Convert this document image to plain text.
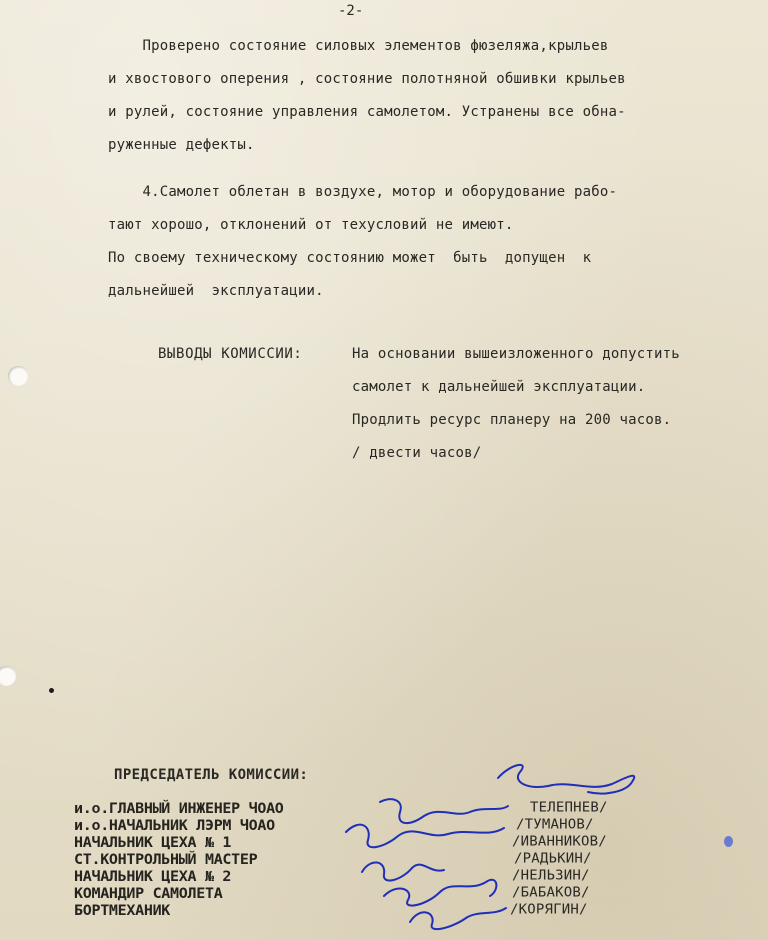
-2-
Проверено состояние силовых элементов фюзеляжа,крыльев
и хвостового оперения , состояние полотняной обшивки крыльев
и рулей, состояние управления самолетом. Устранены все обна-
руженные дефекты.
4.Самолет облетан в воздухе, мотор и оборудование рабо-
тают хорошо, отклонений от техусловий не имеют.
По своему техническому состоянию может  быть  допущен  к
дальнейшей  эксплуатации.
ВЫВОДЫ КОМИССИИ:	На основании вышеизложенного допустить
самолет к дальнейшей эксплуатации.
Продлить ресурс планеру на 200 часов.
/ двести часов/
ПРЕДСЕДАТЕЛЬ КОМИССИИ:
и.о.ГЛАВНЫЙ ИНЖЕНЕР ЧОАО
и.о.НАЧАЛЬНИК ЛЭРМ ЧОАО
НАЧАЛЬНИК ЦЕХА № 1
СТ.КОНТРОЛЬНЫЙ МАСТЕР
НАЧАЛЬНИК ЦЕХА № 2
КОМАНДИР САМОЛЕТА
БОРТМЕХАНИК
ТЕЛЕПНЕВ/
/ТУМАНОВ/
/ИВАННИКОВ/
/РАДЬКИН/
/НЕЛЬЗИН/
/БАБАКОВ/
/КОРЯГИН/
